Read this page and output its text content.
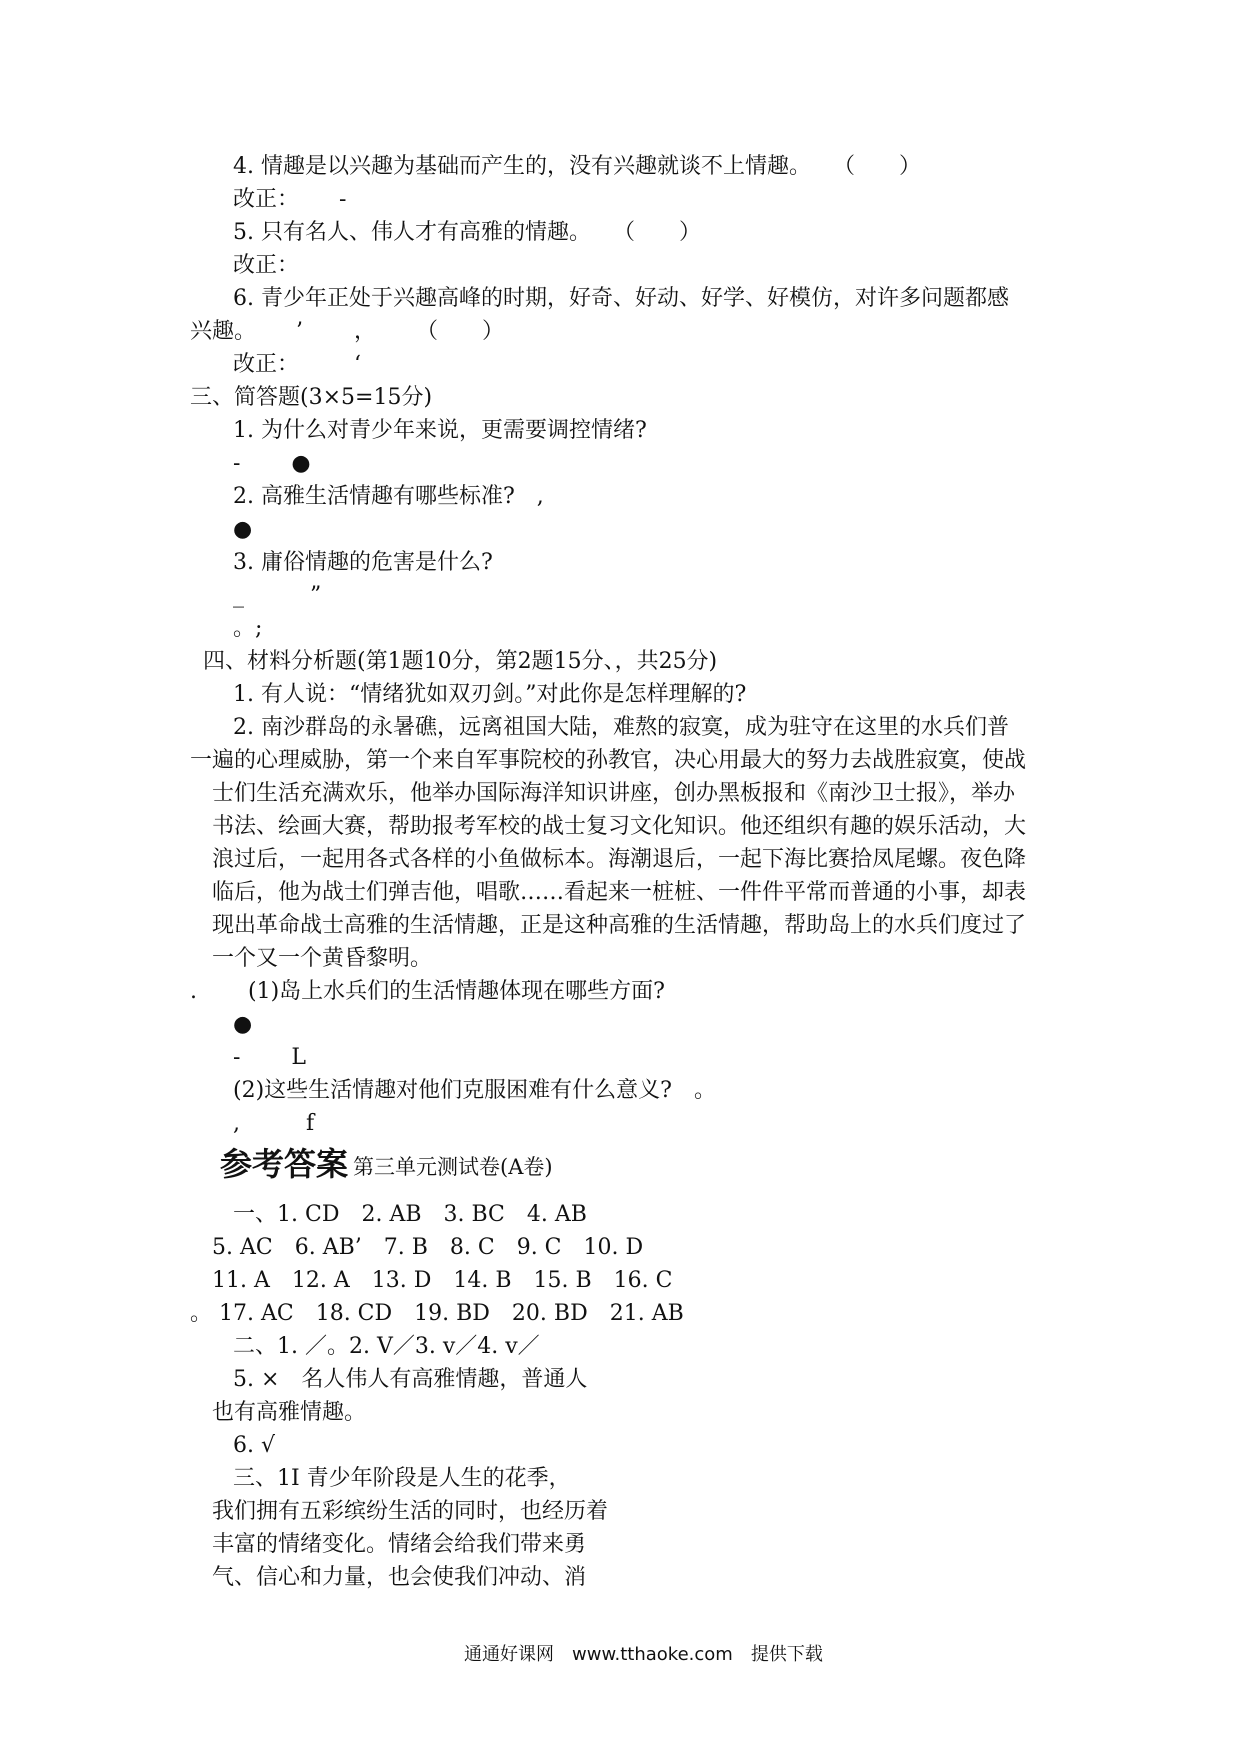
4. 情趣是以兴趣为基础而产生的，没有兴趣就谈不上情趣。　　（　　）
改正：　　 -
5. 只有名人、伟人才有高雅的情趣。　　（　　）
改正：
6. 青少年正处于兴趣高峰的时期，好奇、好动、好学、好模仿，对许多问题都感
兴趣。　　 ’　　 ，　　 （　　）
改正：　　　‘
三、简答题(3×5=15分)
1. 为什么对青少年来说，更需要调控情绪?
-　　 ●
2. 高雅生活情趣有哪些标准?　,
●
3. 庸俗情趣的危害是什么?
_　　　”
。;
四、材料分析题(第1题10分，第2题15分、，共25分)
1. 有人说：“情绪犹如双刃剑。”对此你是怎样理解的?
2. 南沙群岛的永暑礁，远离祖国大陆，难熬的寂寞，成为驻守在这里的水兵们普
一遍的心理威胁，第一个来自军事院校的孙教官，决心用最大的努力去战胜寂寞，使战
士们生活充满欢乐，他举办国际海洋知识讲座，创办黑板报和《南沙卫士报》，举办
书法、绘画大赛，帮助报考军校的战士复习文化知识。他还组织有趣的娱乐活动，大
浪过后，一起用各式各样的小鱼做标本。海潮退后，一起下海比赛拾凤尾螺。夜色降
临后，他为战士们弹吉他，唱歌……看起来一桩桩、一件件平常而普通的小事，却表
现出革命战士高雅的生活情趣，正是这种高雅的生活情趣，帮助岛上的水兵们度过了
一个又一个黄昏黎明。
.　　 (1)岛上水兵们的生活情趣体现在哪些方面?
●
-　　 L
(2)这些生活情趣对他们克服困难有什么意义?　。
,　　　f
参考答案 第三单元测试卷(A卷)
一、1. CD　2. AB　3. BC　4. AB
5. AC　6. AB’　7. B　8. C　9. C　10. D
11. A　12. A　13. D　14. B　15. B　16. C
。 17. AC　18. CD　19. BD　20. BD　21. AB
二、1. ／。2. V／3. v／4. v／
5. ×　名人伟人有高雅情趣，普通人
也有高雅情趣。
6. √
三、1I 青少年阶段是人生的花季，
我们拥有五彩缤纷生活的同时，也经历着
丰富的情绪变化。情绪会给我们带来勇
气、信心和力量，也会使我们冲动、消
通通好课网　www.tthaoke.com　提供下载
